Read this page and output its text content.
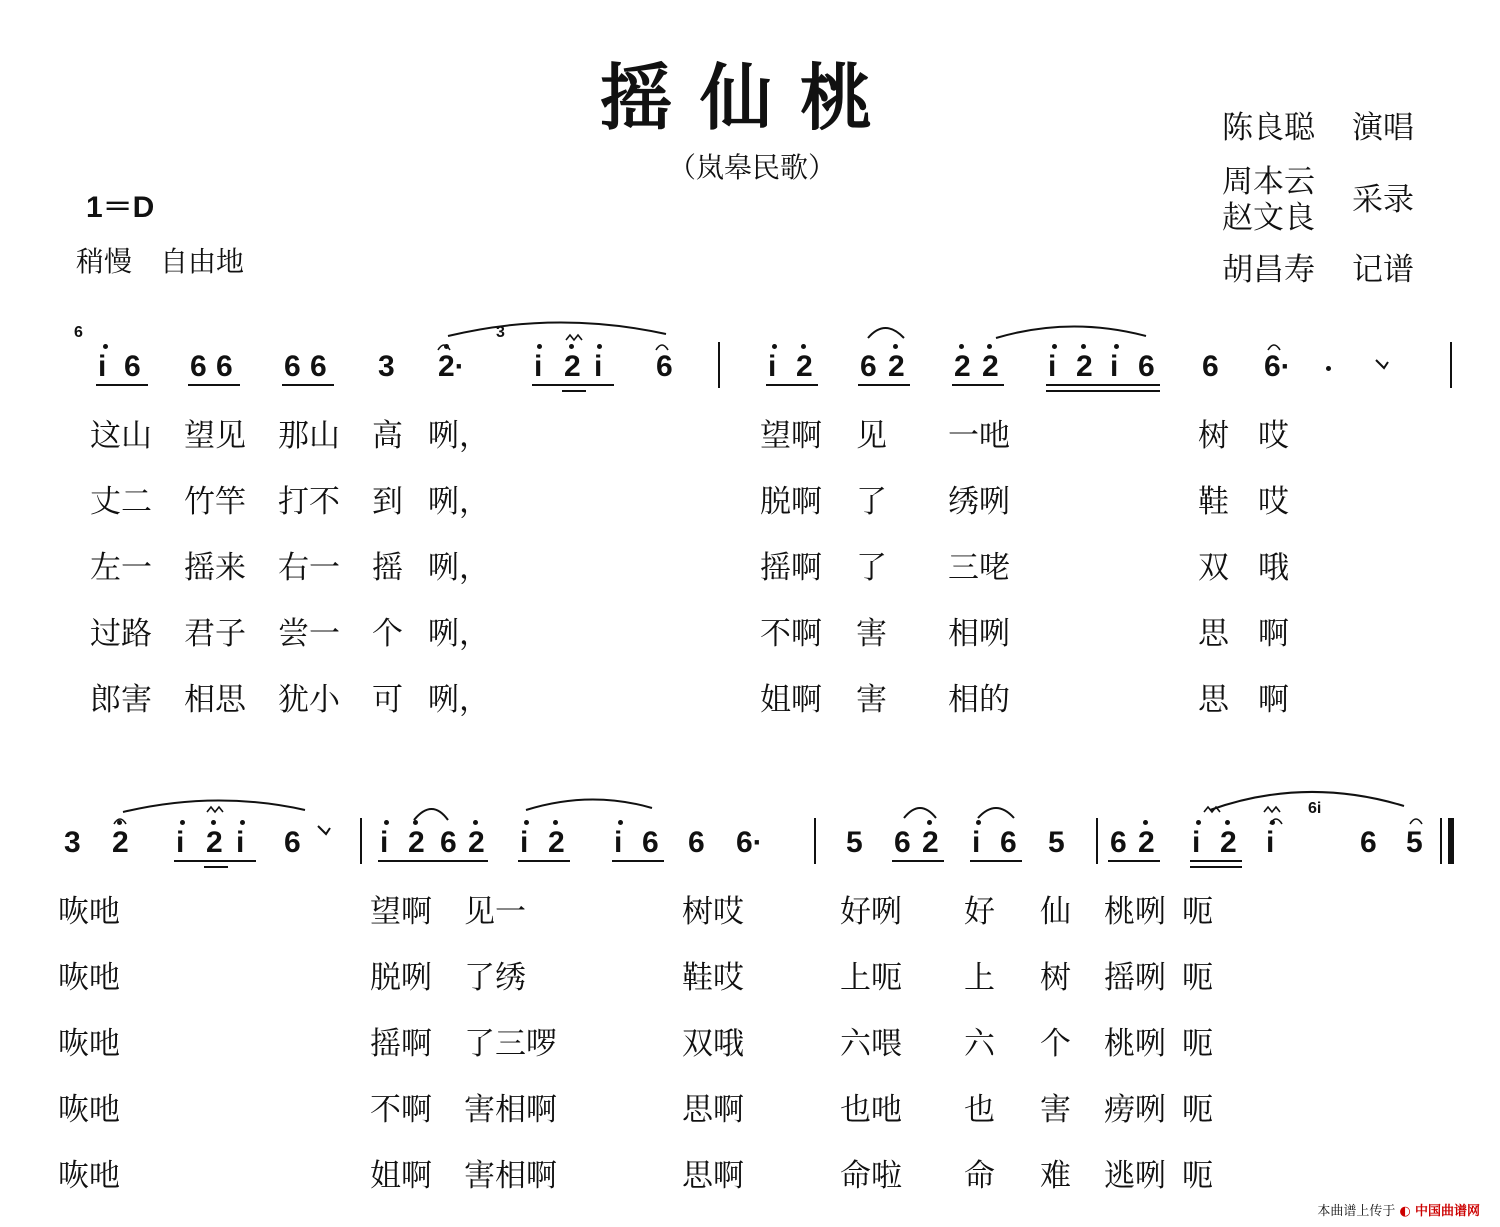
摇仙桃
（岚皋民歌）
1＝D
稍慢　自由地
陈良聪 演唱
周本云
赵文良 采录
胡昌寿 记谱
6
i 6 6 6 6 6 3 2·
3
i 2 i 6	i 2 6 2 2 2 i 2 i 6 6 6·
这山 望见 那山 高 咧，	望啊 见 一吔	树 哎
丈二 竹竿 打不 到 咧，	脱啊 了 绣咧	鞋 哎
左一 摇来 右一 摇 咧，	摇啊 了 三咾	双 哦
过路 君子 尝一 个 咧，	不啊 害 相咧	思 啊
郎害 相思 犹小 可 咧，	姐啊 害 相的	思 啊
3 2 i 2 i 6	i 2 6 2 i 2 i 6 6 6·	5 6 2 i 6 5 6 2 i 2 i
6i
6 5
咴吔	望啊 见一	树哎	好咧 好 仙 桃咧 呃
咴吔	脱咧 了绣	鞋哎	上呃 上 树 摇咧 呃
咴吔	摇啊 了三啰	双哦	六喂 六 个 桃咧 呃
咴吔	不啊 害相啊	思啊	也吔 也 害 痨咧 呃
咴吔	姐啊 害相啊	思啊	命啦 命 难 逃咧 呃
本曲谱上传于 ◐ 中国曲谱网
